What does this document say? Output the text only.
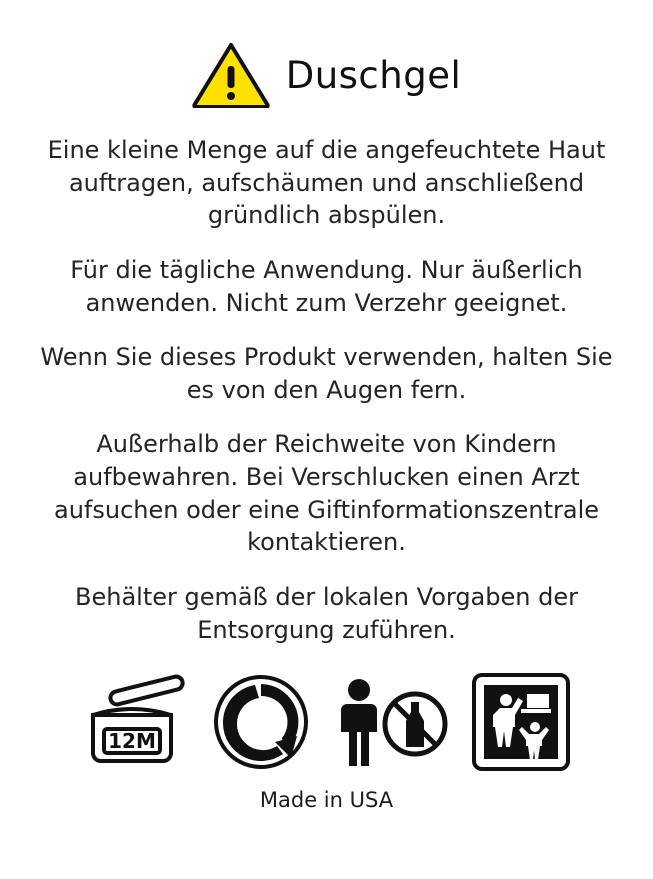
Duschgel

Eine kleine Menge auf die angefeuchtete Haut auftragen, aufschäumen und anschließend gründlich abspülen.

Für die tägliche Anwendung. Nur äußerlich anwenden. Nicht zum Verzehr geeignet.

Wenn Sie dieses Produkt verwenden, halten Sie es von den Augen fern.

Außerhalb der Reichweite von Kindern aufbewahren. Bei Verschlucken einen Arzt aufsuchen oder eine Giftinformationszentrale kontaktieren.

Behälter gemäß der lokalen Vorgaben der Entsorgung zuführen.

12M
Made in USA
